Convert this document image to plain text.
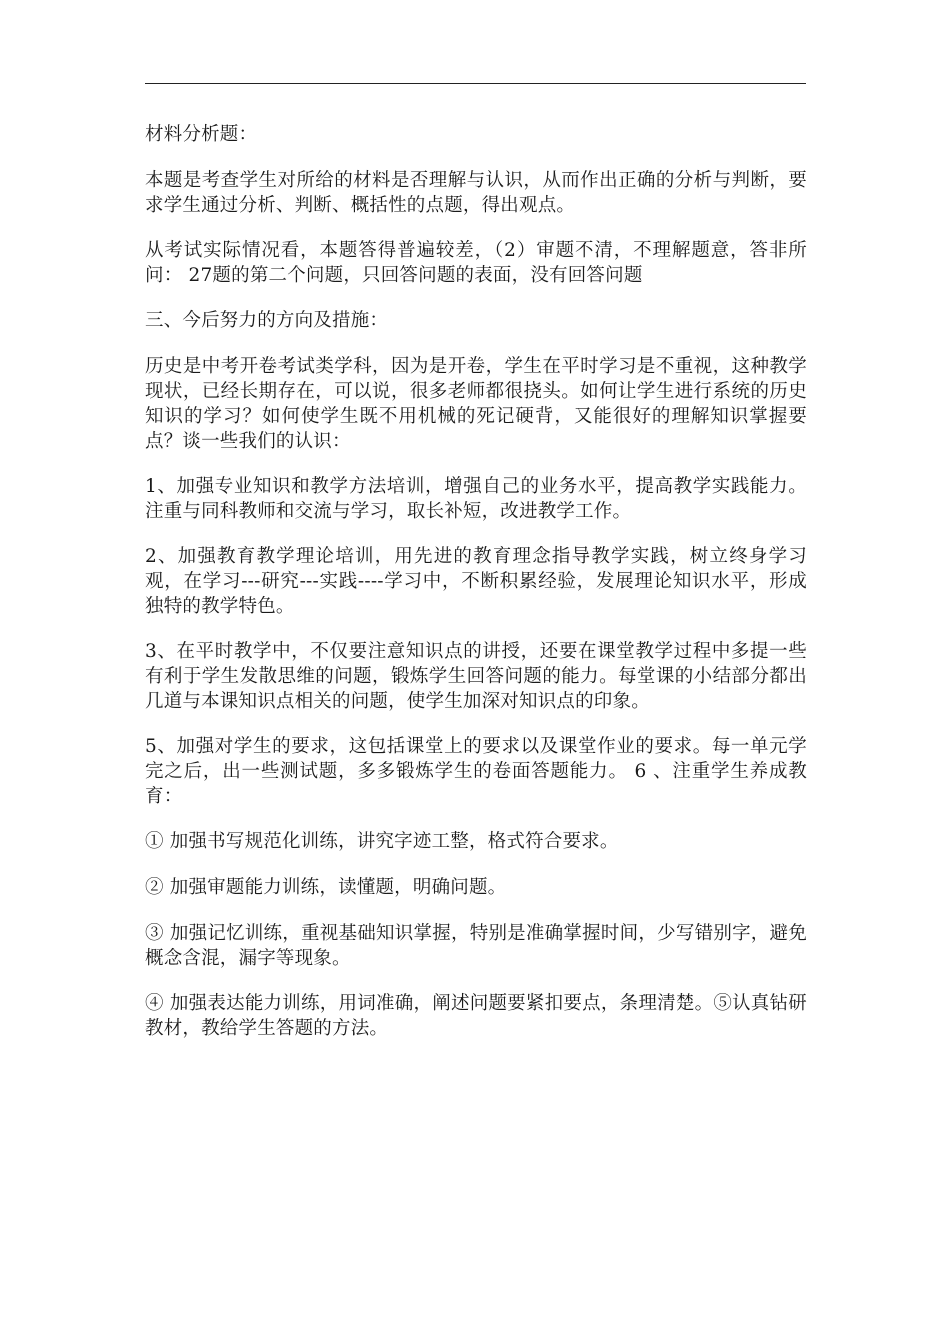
材料分析题：

本题是考查学生对所给的材料是否理解与认识，从而作出正确的分析与判断，要求学生通过分析、判断、概括性的点题，得出观点。

从考试实际情况看，本题答得普遍较差，（2）审题不清，不理解题意，答非所问： 27题的第二个问题，只回答问题的表面，没有回答问题

三、今后努力的方向及措施：

历史是中考开卷考试类学科，因为是开卷，学生在平时学习是不重视，这种教学现状，已经长期存在，可以说，很多老师都很挠头。如何让学生进行系统的历史知识的学习？如何使学生既不用机械的死记硬背，又能很好的理解知识掌握要点？谈一些我们的认识：

1、加强专业知识和教学方法培训，增强自己的业务水平，提高教学实践能力。注重与同科教师和交流与学习，取长补短，改进教学工作。

2、加强教育教学理论培训，用先进的教育理念指导教学实践，树立终身学习观，在学习---研究---实践----学习中，不断积累经验，发展理论知识水平，形成独特的教学特色。

3、在平时教学中，不仅要注意知识点的讲授，还要在课堂教学过程中多提一些有利于学生发散思维的问题，锻炼学生回答问题的能力。每堂课的小结部分都出几道与本课知识点相关的问题，使学生加深对知识点的印象。

5、加强对学生的要求，这包括课堂上的要求以及课堂作业的要求。每一单元学完之后，出一些测试题，多多锻炼学生的卷面答题能力。 6 、注重学生养成教育：

① 加强书写规范化训练，讲究字迹工整，格式符合要求。

② 加强审题能力训练，读懂题，明确问题。

③ 加强记忆训练，重视基础知识掌握，特别是准确掌握时间，少写错别字，避免概念含混，漏字等现象。

④ 加强表达能力训练，用词准确，阐述问题要紧扣要点，条理清楚。⑤认真钻研教材，教给学生答题的方法。
